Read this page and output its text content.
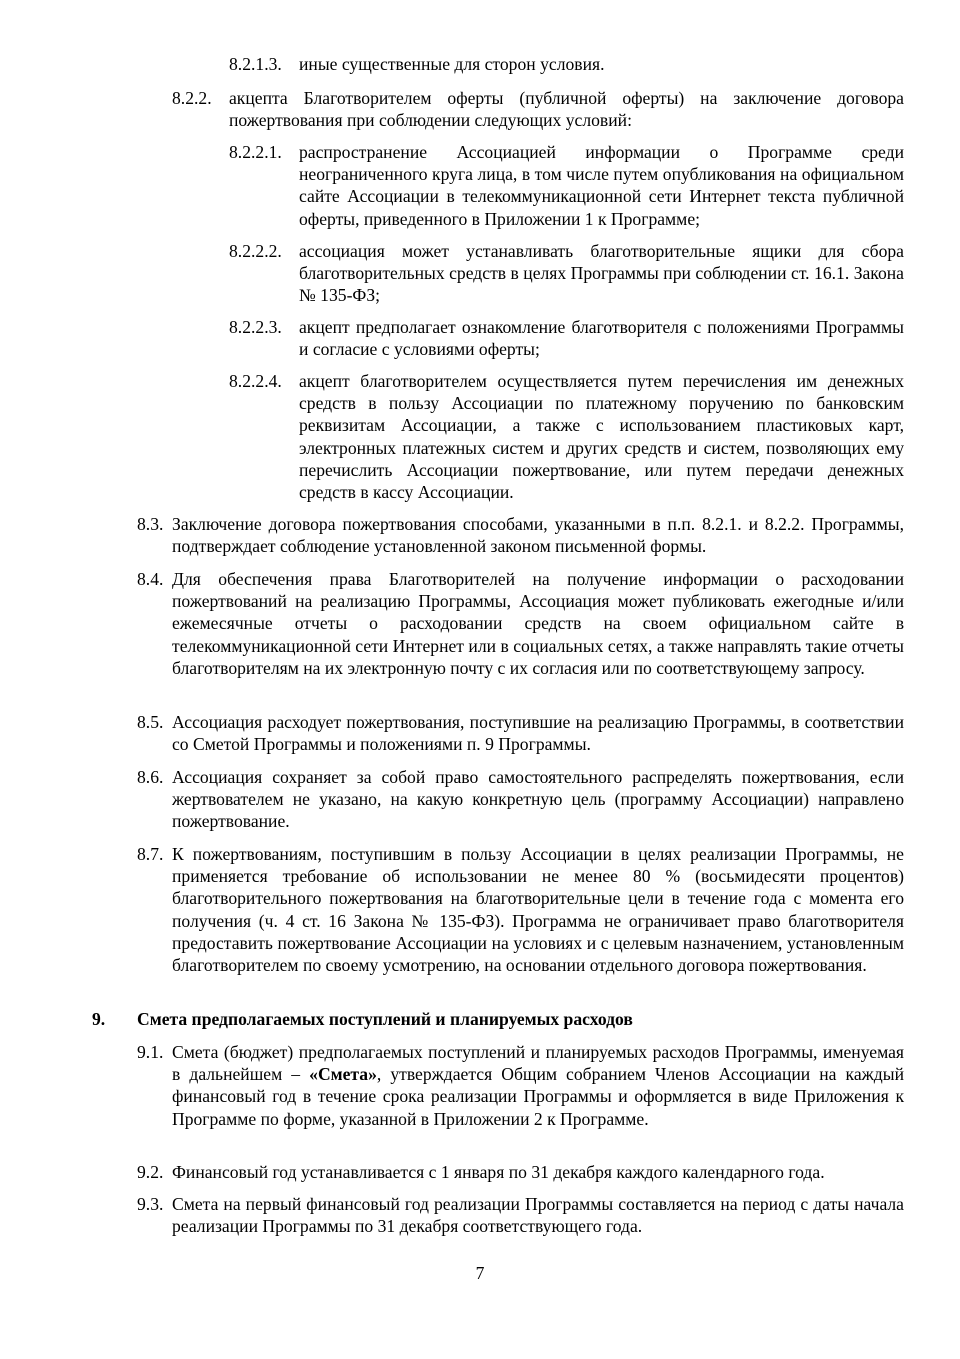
8.2.1.3. иные существенные для сторон условия.
8.2.2. акцепта Благотворителем оферты (публичной оферты) на заключение договора пожертвования при соблюдении следующих условий:
8.2.2.1. распространение Ассоциацией информации о Программе среди неограниченного круга лица, в том числе путем опубликования на официальном сайте Ассоциации в телекоммуникационной сети Интернет текста публичной оферты, приведенного в Приложении 1 к Программе;
8.2.2.2. ассоциация может устанавливать благотворительные ящики для сбора благотворительных средств в целях Программы при соблюдении ст. 16.1. Закона № 135-ФЗ;
8.2.2.3. акцепт предполагает ознакомление благотворителя с положениями Программы и согласие с условиями оферты;
8.2.2.4. акцепт благотворителем осуществляется путем перечисления им денежных средств в пользу Ассоциации по платежному поручению по банковским реквизитам Ассоциации, а также с использованием пластиковых карт, электронных платежных систем и других средств и систем, позволяющих ему перечислить Ассоциации пожертвование, или путем передачи денежных средств в кассу Ассоциации.
8.3. Заключение договора пожертвования способами, указанными в п.п. 8.2.1. и 8.2.2. Программы, подтверждает соблюдение установленной законом письменной формы.
8.4. Для обеспечения права Благотворителей на получение информации о расходовании пожертвований на реализацию Программы, Ассоциация может публиковать ежегодные и/или ежемесячные отчеты о расходовании средств на своем официальном сайте в телекоммуникационной сети Интернет или в социальных сетях, а также направлять такие отчеты благотворителям на их электронную почту с их согласия или по соответствующему запросу.
8.5. Ассоциация расходует пожертвования, поступившие на реализацию Программы, в соответствии со Сметой Программы и положениями п. 9 Программы.
8.6. Ассоциация сохраняет за собой право самостоятельного распределять пожертвования, если жертвователем не указано, на какую конкретную цель (программу Ассоциации) направлено пожертвование.
8.7. К пожертвованиям, поступившим в пользу Ассоциации в целях реализации Программы, не применяется требование об использовании не менее 80 % (восьмидесяти процентов) благотворительного пожертвования на благотворительные цели в течение года с момента его получения (ч. 4 ст. 16 Закона № 135-ФЗ). Программа не ограничивает право благотворителя предоставить пожертвование Ассоциации на условиях и с целевым назначением, установленным благотворителем по своему усмотрению, на основании отдельного договора пожертвования.
9.	Смета предполагаемых поступлений и планируемых расходов
9.1. Смета (бюджет) предполагаемых поступлений и планируемых расходов Программы, именуемая в дальнейшем – «Смета», утверждается Общим собранием Членов Ассоциации на каждый финансовый год в течение срока реализации Программы и оформляется в виде Приложения к Программе по форме, указанной в Приложении 2 к Программе.
9.2. Финансовый год устанавливается с 1 января по 31 декабря каждого календарного года.
9.3. Смета на первый финансовый год реализации Программы составляется на период с даты начала реализации Программы по 31 декабря соответствующего года.
7
